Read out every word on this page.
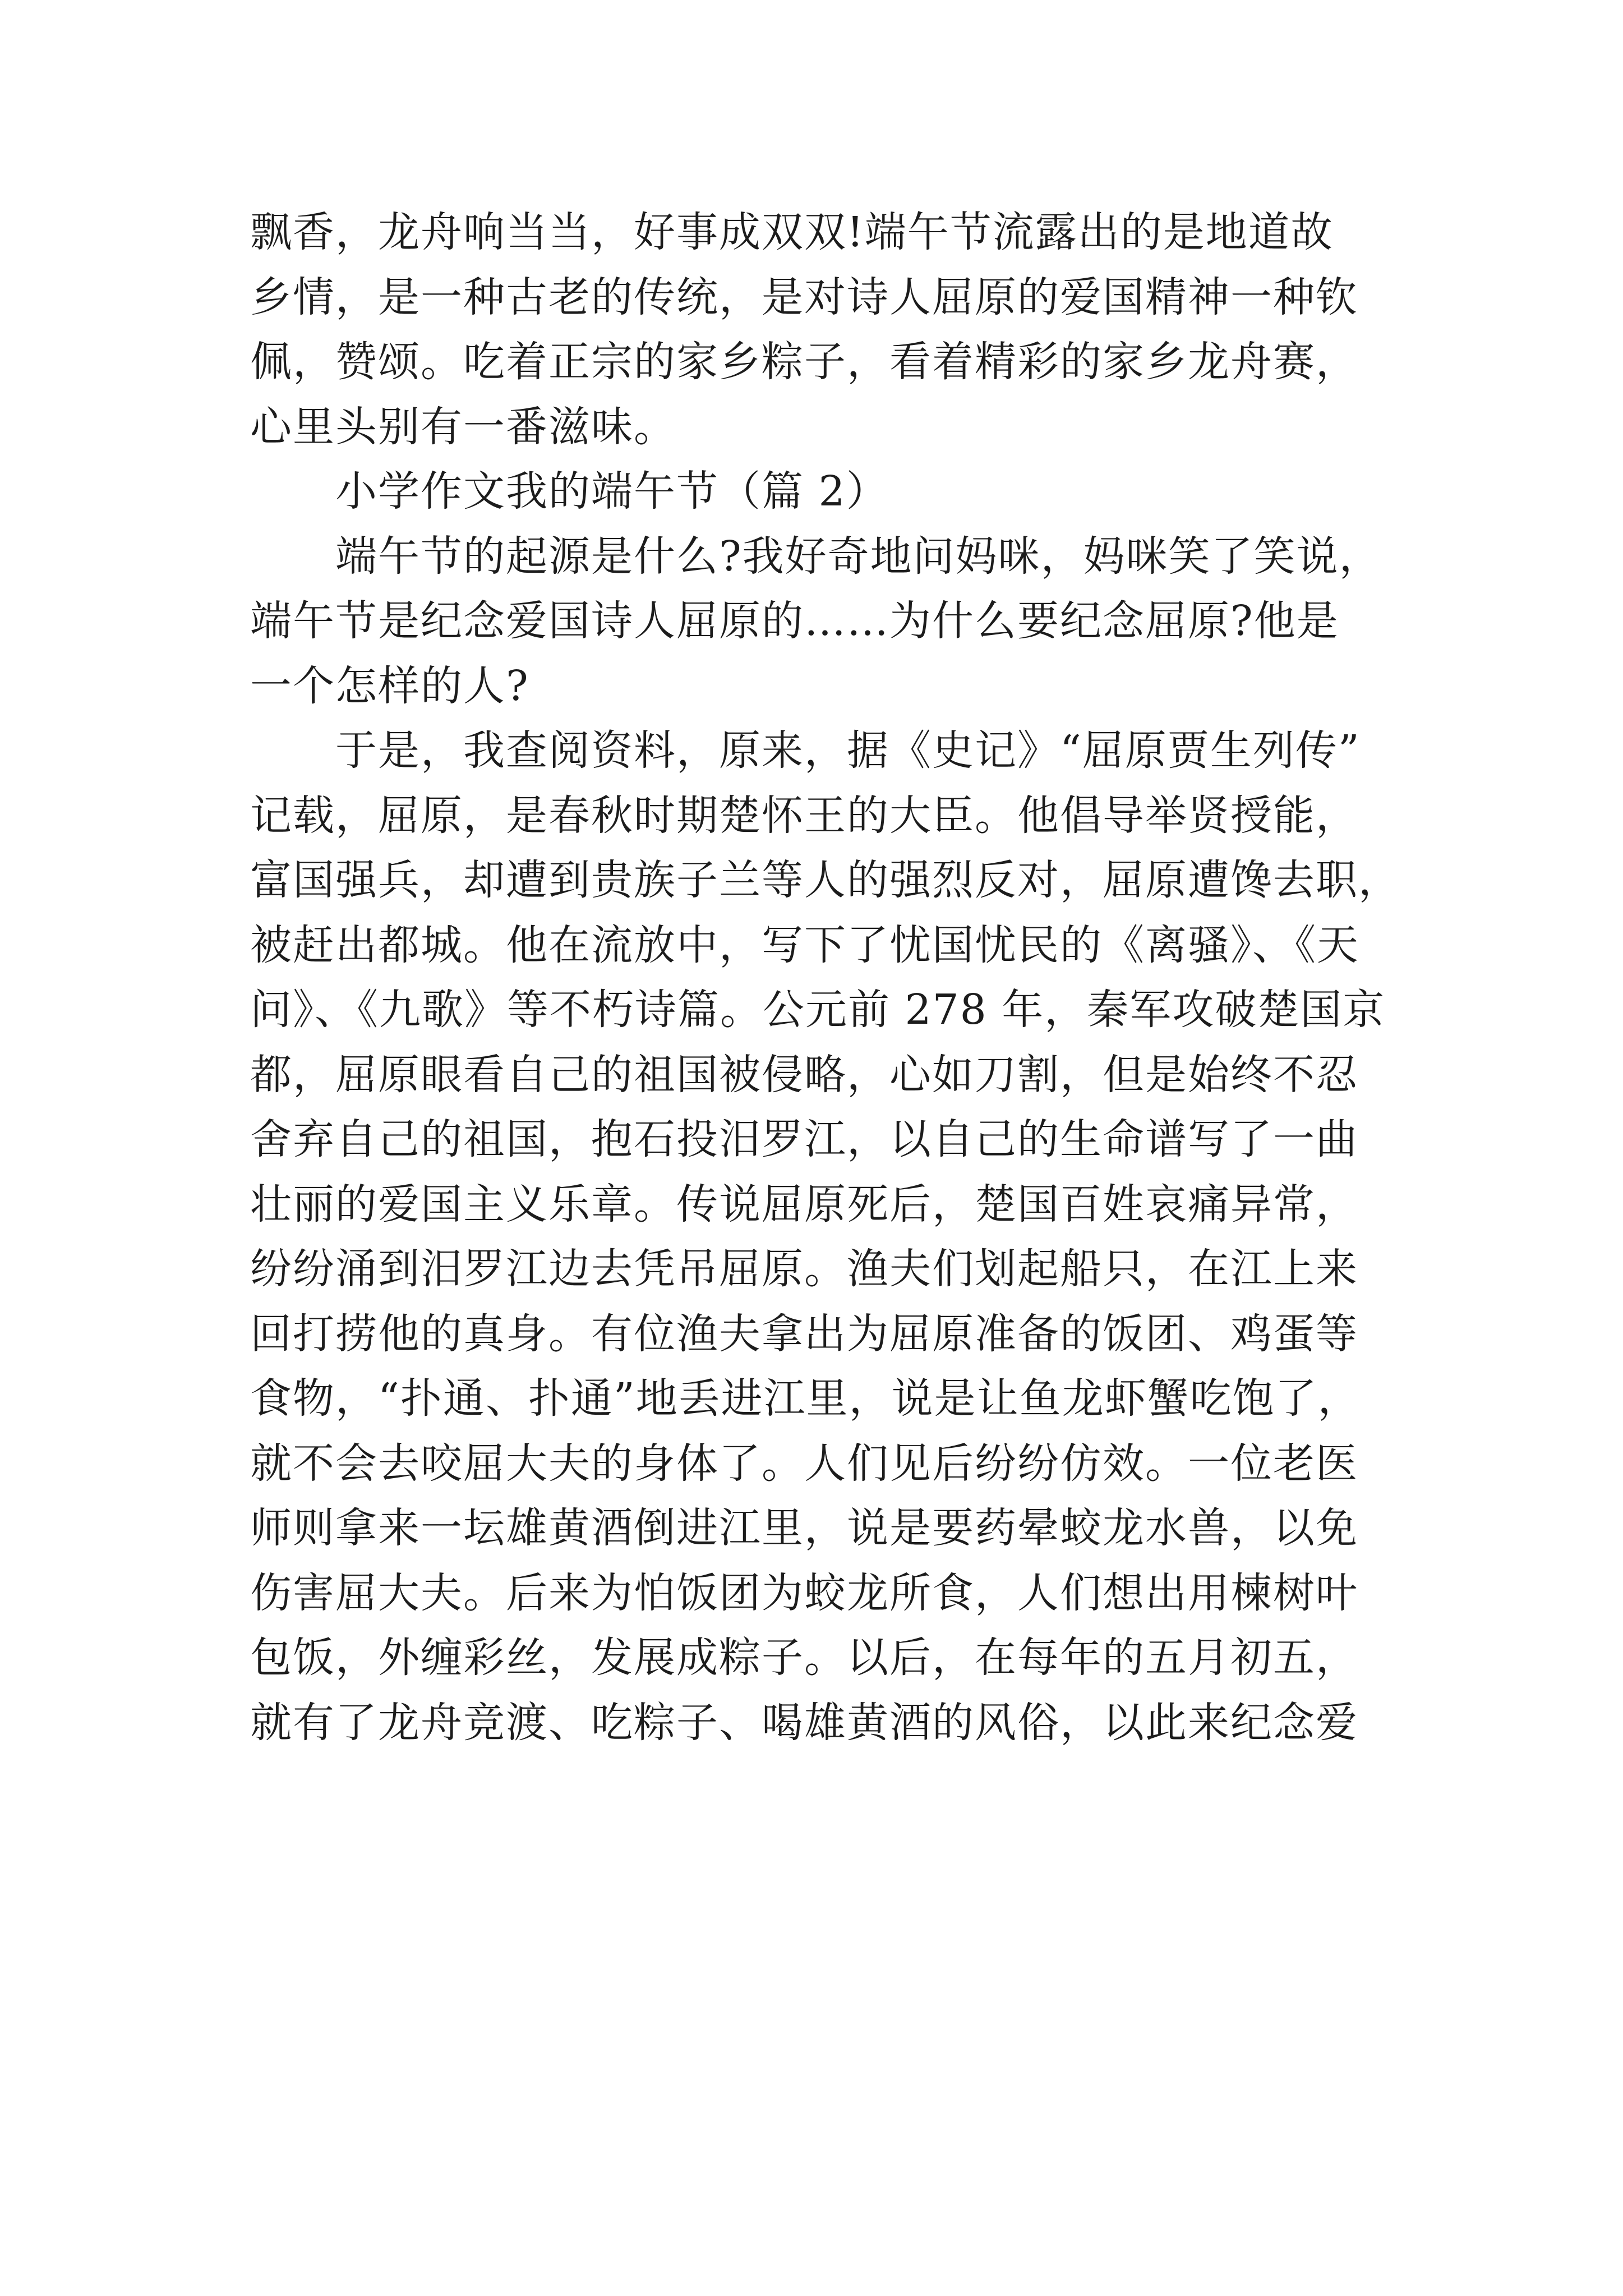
飘香，龙舟响当当，好事成双双!端午节流露出的是地道故
乡情，是一种古老的传统，是对诗人屈原的爱国精神一种钦
佩，赞颂。吃着正宗的家乡粽子，看着精彩的家乡龙舟赛，
心里头别有一番滋味。
小学作文我的端午节（篇 2）
端午节的起源是什么?我好奇地问妈咪，妈咪笑了笑说，
端午节是纪念爱国诗人屈原的……为什么要纪念屈原?他是
一个怎样的人?
于是，我查阅资料，原来，据《史记》“屈原贾生列传”
记载，屈原，是春秋时期楚怀王的大臣。他倡导举贤授能，
富国强兵，却遭到贵族子兰等人的强烈反对，屈原遭馋去职，
被赶出都城。他在流放中，写下了忧国忧民的《离骚》、《天
问》、《九歌》等不朽诗篇。公元前 278 年，秦军攻破楚国京
都，屈原眼看自己的祖国被侵略，心如刀割，但是始终不忍
舍弃自己的祖国，抱石投汨罗江，以自己的生命谱写了一曲
壮丽的爱国主义乐章。传说屈原死后，楚国百姓哀痛异常，
纷纷涌到汨罗江边去凭吊屈原。渔夫们划起船只，在江上来
回打捞他的真身。有位渔夫拿出为屈原准备的饭团、鸡蛋等
食物，“扑通、扑通”地丢进江里，说是让鱼龙虾蟹吃饱了，
就不会去咬屈大夫的身体了。人们见后纷纷仿效。一位老医
师则拿来一坛雄黄酒倒进江里，说是要药晕蛟龙水兽，以免
伤害屈大夫。后来为怕饭团为蛟龙所食，人们想出用楝树叶
包饭，外缠彩丝，发展成粽子。以后，在每年的五月初五，
就有了龙舟竞渡、吃粽子、喝雄黄酒的风俗，以此来纪念爱
